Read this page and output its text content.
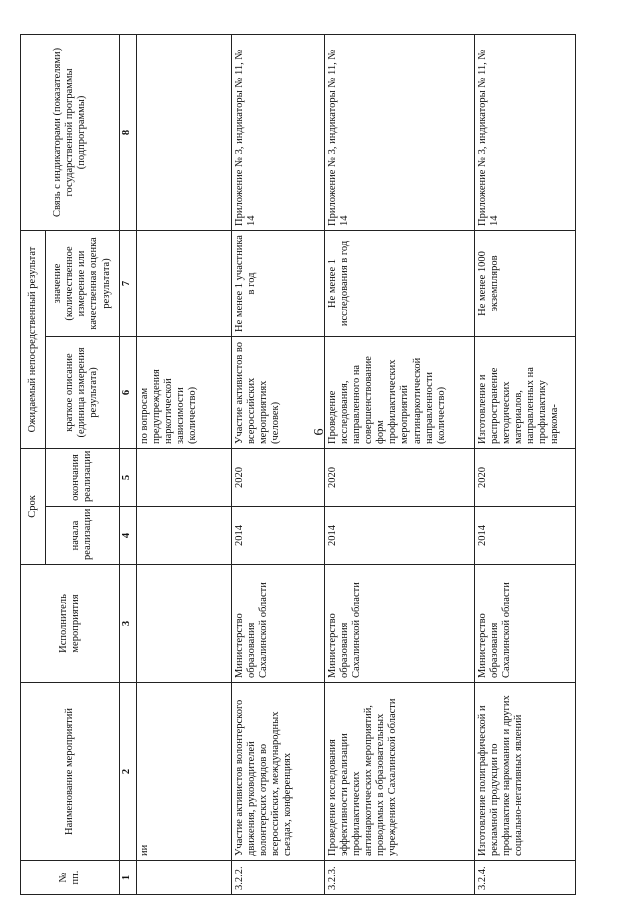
6
№ пп.	Наименование мероприятий	Исполнитель мероприятия	Срок		Ожидаемый непосредственный результат		Связь с индикаторами (показателями) государственной программы (подпрограммы)
			начала реализации	окончания реализации	краткое описание (единица измерения результата)	значение (количественное измерение или качественная оценка результата)	
1	2	3	4	5	6	7	8
	ии				по вопросам предупреждения наркотической зависимости (количество)		
3.2.2.	Участие активистов волонтерского движения, руководителей волонтерских отрядов во всероссийских, международных съездах, конференциях	Министерство образования Сахалинской области	2014	2020	Участие активистов во всероссийских мероприятиях (человек)	Не менее 1 участника в год	Приложение № 3, индикаторы № 11, № 14
3.2.3.	Проведение исследования эффективности реализации профилактических антинаркотических мероприятий, проводимых в образовательных учреждениях Сахалинской области	Министерство образования Сахалинской области	2014	2020	Проведение исследования, направленного на совершенствование форм профилактических мероприятий антинаркотической направленности (количество)	Не менее 1 исследования в год	Приложение № 3, индикаторы № 11, № 14
3.2.4.	Изготовление полиграфической и рекламной продукции по профилактике наркомании и других социально-негативных явлений	Министерство образования Сахалинской области	2014	2020	Изготовление и распространение методических материалов, направленных на профилактику наркома-	Не менее 1000 экземпляров	Приложение № 3, индикаторы № 11, № 14
